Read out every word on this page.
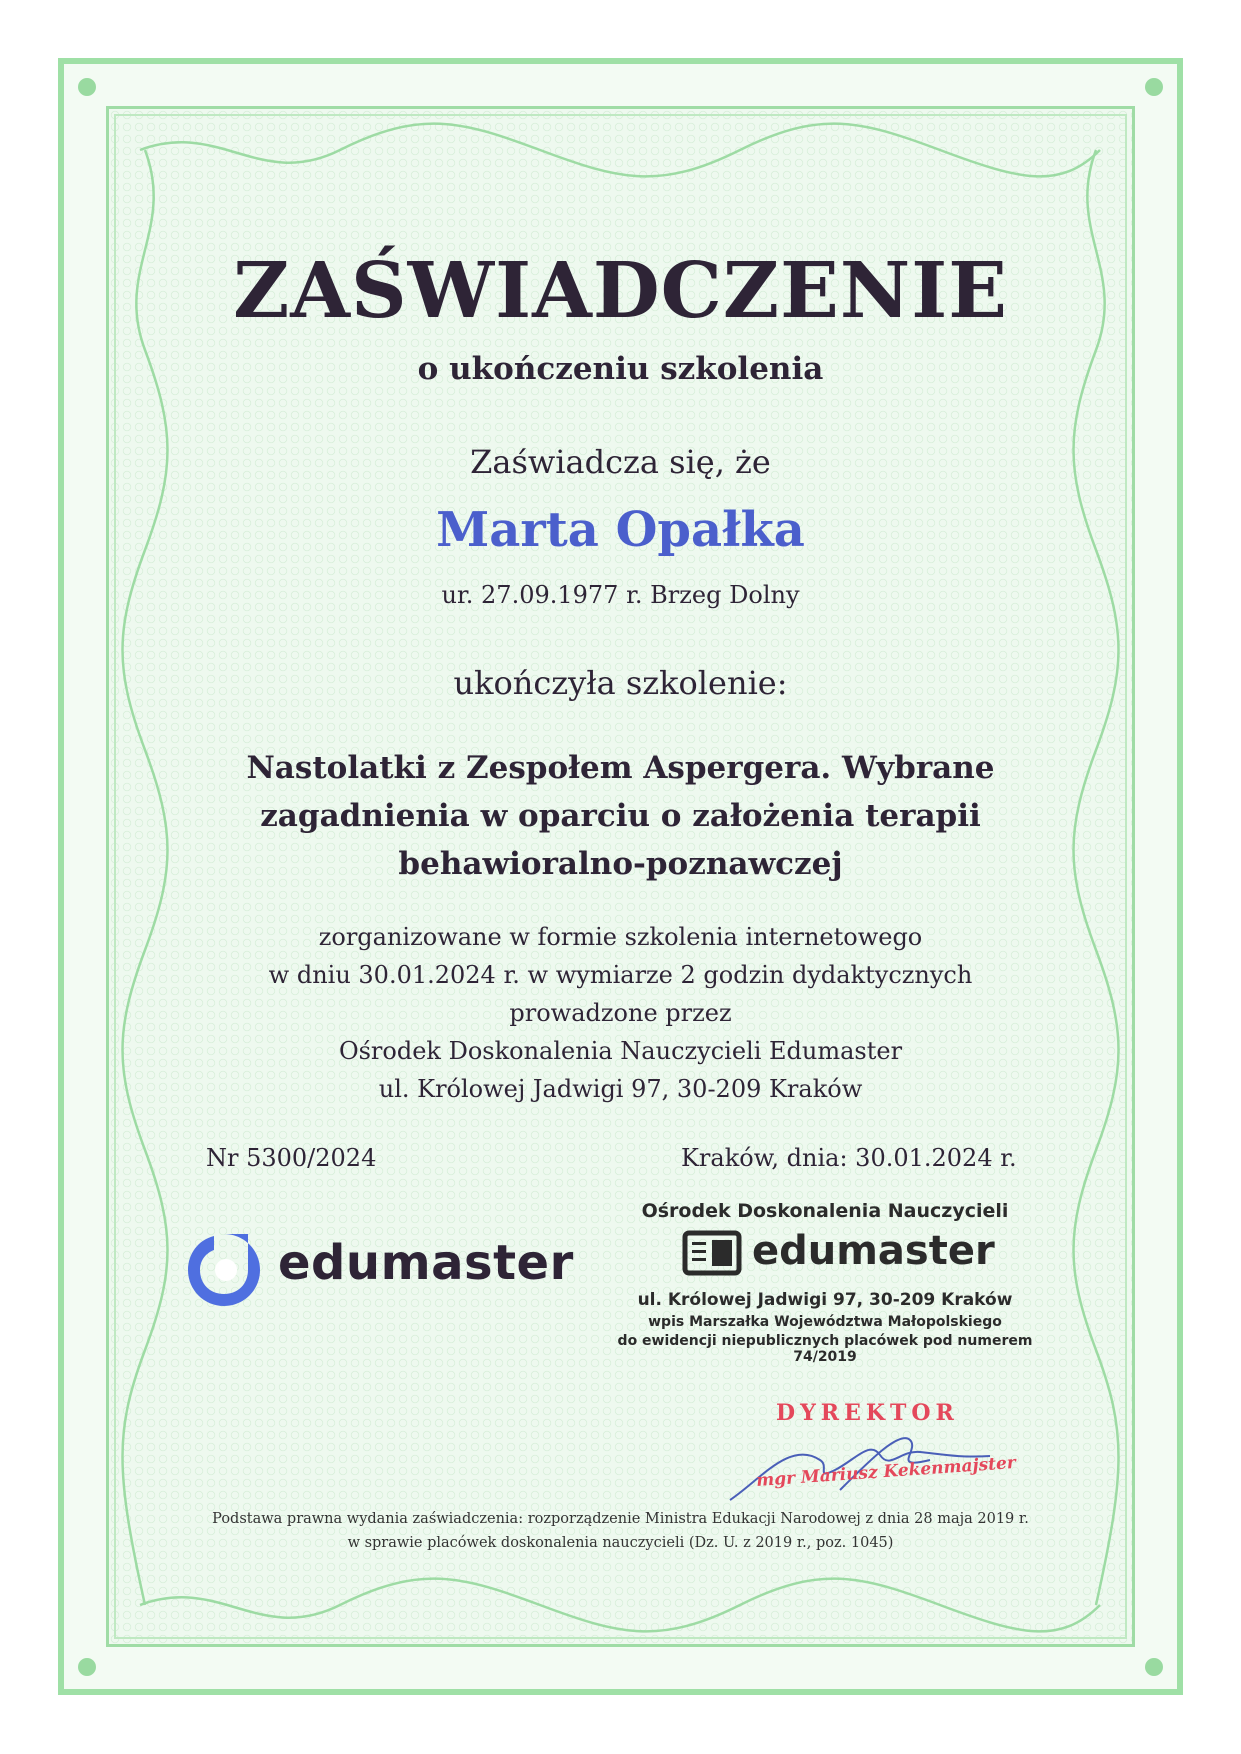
ZAŚWIADCZENIE
o ukończeniu szkolenia
Zaświadcza się, że
Marta Opałka
ur. 27.09.1977 r. Brzeg Dolny
ukończyła szkolenie:
Nastolatki z Zespołem Aspergera. Wybrane zagadnienia w oparciu o założenia terapii behawioralno-poznawczej
zorganizowane w formie szkolenia internetowego
w dniu 30.01.2024 r. w wymiarze 2 godzin dydaktycznych
prowadzone przez
Ośrodek Doskonalenia Nauczycieli Edumaster
ul. Królowej Jadwigi 97, 30-209 Kraków
Nr 5300/2024	Kraków, dnia: 30.01.2024 r.
edumaster
Ośrodek Doskonalenia Nauczycieli
edumaster
ul. Królowej Jadwigi 97, 30-209 Kraków
wpis Marszałka Województwa Małopolskiego
do ewidencji niepublicznych placówek pod numerem 74/2019
DYREKTOR
mgr Mariusz Kekenmajster
Podstawa prawna wydania zaświadczenia: rozporządzenie Ministra Edukacji Narodowej z dnia 28 maja 2019 r. w sprawie placówek doskonalenia nauczycieli (Dz. U. z 2019 r., poz. 1045)
